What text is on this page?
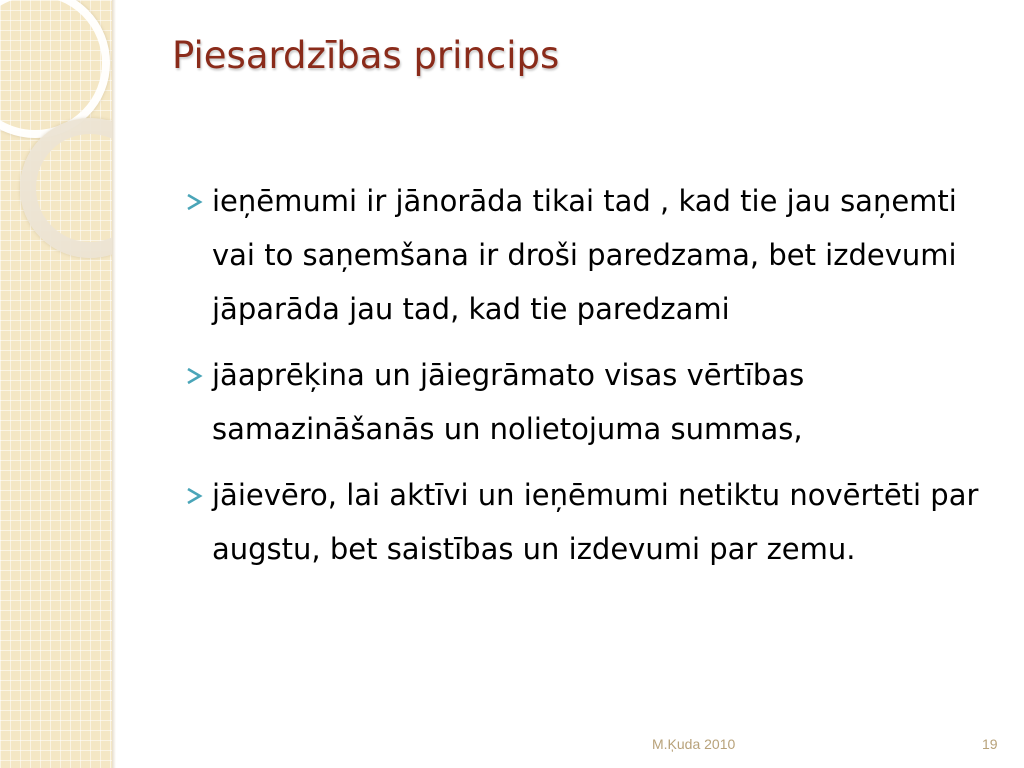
Piesardzības princips
ieņēmumi ir jānorāda tikai tad , kad tie jau saņemti vai to saņemšana ir droši paredzama, bet izdevumi jāparāda jau tad, kad tie paredzami
jāaprēķina un jāiegrāmato visas vērtības samazināšanās un nolietojuma summas,
jāievēro, lai aktīvi un ieņēmumi netiktu novērtēti par augstu, bet saistības un izdevumi par zemu.
M.Ķuda 2010	19
